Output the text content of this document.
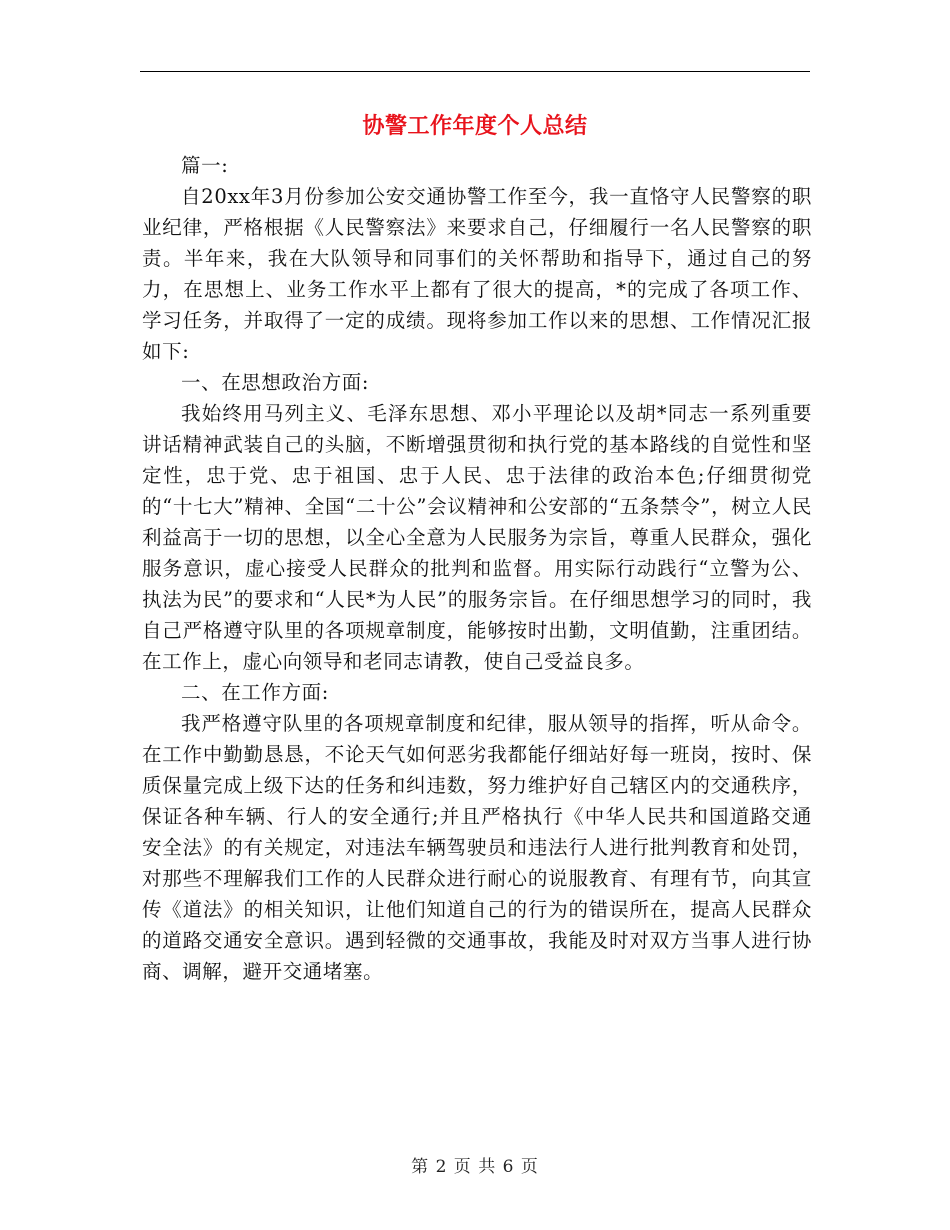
协警工作年度个人总结

篇一:

自20xx年3月份参加公安交通协警工作至今，我一直恪守人民警察的职业纪律，严格根据《人民警察法》来要求自己，仔细履行一名人民警察的职责。半年来，我在大队领导和同事们的关怀帮助和指导下，通过自己的努力，在思想上、业务工作水平上都有了很大的提高，*的完成了各项工作、学习任务，并取得了一定的成绩。现将参加工作以来的思想、工作情况汇报如下:

一、在思想政治方面:

我始终用马列主义、毛泽东思想、邓小平理论以及胡*同志一系列重要讲话精神武装自己的头脑，不断增强贯彻和执行党的基本路线的自觉性和坚定性，忠于党、忠于祖国、忠于人民、忠于法律的政治本色;仔细贯彻党的“十七大”精神、全国“二十公”会议精神和公安部的“五条禁令”，树立人民利益高于一切的思想，以全心全意为人民服务为宗旨，尊重人民群众，强化服务意识，虚心接受人民群众的批判和监督。用实际行动践行“立警为公、执法为民”的要求和“人民*为人民”的服务宗旨。在仔细思想学习的同时，我自己严格遵守队里的各项规章制度，能够按时出勤，文明值勤，注重团结。在工作上，虚心向领导和老同志请教，使自己受益良多。

二、在工作方面:

我严格遵守队里的各项规章制度和纪律，服从领导的指挥，听从命令。在工作中勤勤恳恳，不论天气如何恶劣我都能仔细站好每一班岗，按时、保质保量完成上级下达的任务和纠违数，努力维护好自己辖区内的交通秩序，保证各种车辆、行人的安全通行;并且严格执行《中华人民共和国道路交通安全法》的有关规定，对违法车辆驾驶员和违法行人进行批判教育和处罚，对那些不理解我们工作的人民群众进行耐心的说服教育、有理有节，向其宣传《道法》的相关知识，让他们知道自己的行为的错误所在，提高人民群众的道路交通安全意识。遇到轻微的交通事故，我能及时对双方当事人进行协商、调解，避开交通堵塞。

第 2 页 共 6 页
